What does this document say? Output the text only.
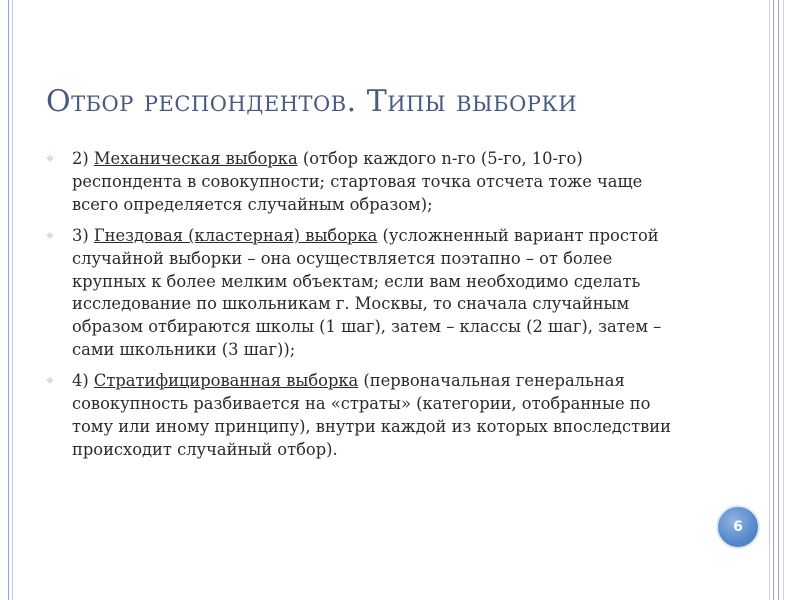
Отбор респондентов. Типы выборки
⌖ 2) Механическая выборка (отбор каждого n-го (5-го, 10-го) респондента в совокупности; стартовая точка отсчета тоже чаще всего определяется случайным образом);
⌖ 3) Гнездовая (кластерная) выборка (усложненный вариант простой случайной выборки – она осуществляется поэтапно – от более крупных к более мелким объектам; если вам необходимо сделать исследование по школьникам г. Москвы, то сначала случайным образом отбираются школы (1 шаг), затем – классы (2 шаг), затем – сами школьники (3 шаг));
⌖ 4) Стратифицированная выборка (первоначальная генеральная совокупность разбивается на «страты» (категории, отобранные по тому или иному принципу), внутри каждой из которых впоследствии происходит случайный отбор).
6
